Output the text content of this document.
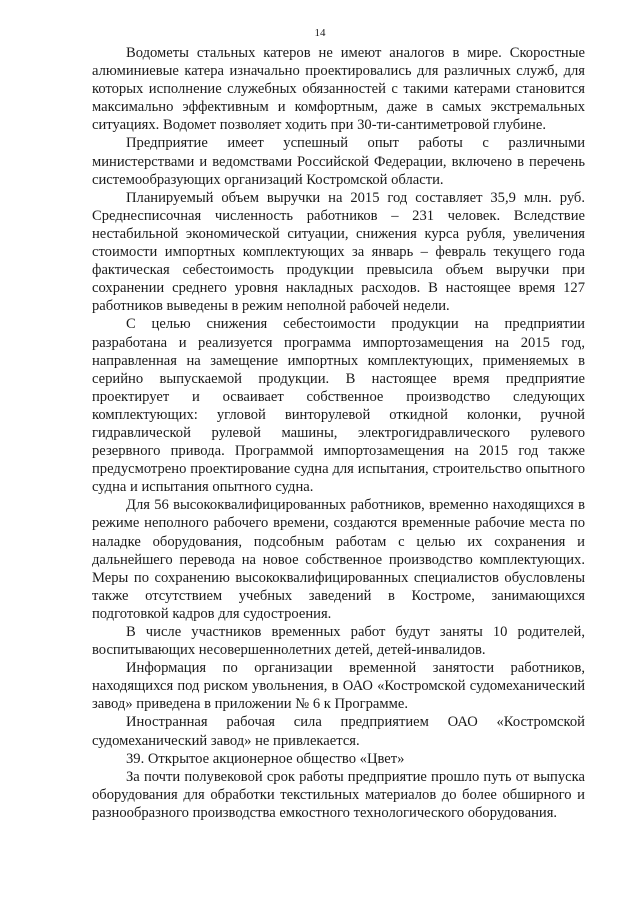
14

Водометы стальных катеров не имеют аналогов в мире. Скоростные алюминиевые катера изначально проектировались для различных служб, для которых исполнение служебных обязанностей с такими катерами становится максимально эффективным и комфортным, даже в самых экстремальных ситуациях. Водомет позволяет ходить при 30-ти-сантиметровой глубине.

Предприятие имеет успешный опыт работы с различными министерствами и ведомствами Российской Федерации, включено в перечень системообразующих организаций Костромской области.

Планируемый объем выручки на 2015 год составляет 35,9 млн. руб. Среднесписочная численность работников – 231 человек. Вследствие нестабильной экономической ситуации, снижения курса рубля, увеличения стоимости импортных комплектующих за январь – февраль текущего года фактическая себестоимость продукции превысила объем выручки при сохранении среднего уровня накладных расходов. В настоящее время 127 работников выведены в режим неполной рабочей недели.

С целью снижения себестоимости продукции на предприятии разработана и реализуется программа импортозамещения на 2015 год, направленная на замещение импортных комплектующих, применяемых в серийно выпускаемой продукции. В настоящее время предприятие проектирует и осваивает собственное производство следующих комплектующих: угловой винторулевой откидной колонки, ручной гидравлической рулевой машины, электрогидравлического рулевого резервного привода. Программой импортозамещения на 2015 год также предусмотрено проектирование судна для испытания, строительство опытного судна и испытания опытного судна.

Для 56 высококвалифицированных работников, временно находящихся в режиме неполного рабочего времени, создаются временные рабочие места по наладке оборудования, подсобным работам с целью их сохранения и дальнейшего перевода на новое собственное производство комплектующих. Меры по сохранению высококвалифицированных специалистов обусловлены также отсутствием учебных заведений в Костроме, занимающихся подготовкой кадров для судостроения.

В числе участников временных работ будут заняты 10 родителей, воспитывающих несовершеннолетних детей, детей-инвалидов.

Информация по организации временной занятости работников, находящихся под риском увольнения, в ОАО «Костромской судомеханический завод» приведена в приложении № 6 к Программе.

Иностранная рабочая сила предприятием ОАО «Костромской судомеханический завод» не привлекается.

39. Открытое акционерное общество «Цвет»

За почти полувековой срок работы предприятие прошло путь от выпуска оборудования для обработки текстильных материалов до более обширного и разнообразного производства емкостного технологического оборудования.
